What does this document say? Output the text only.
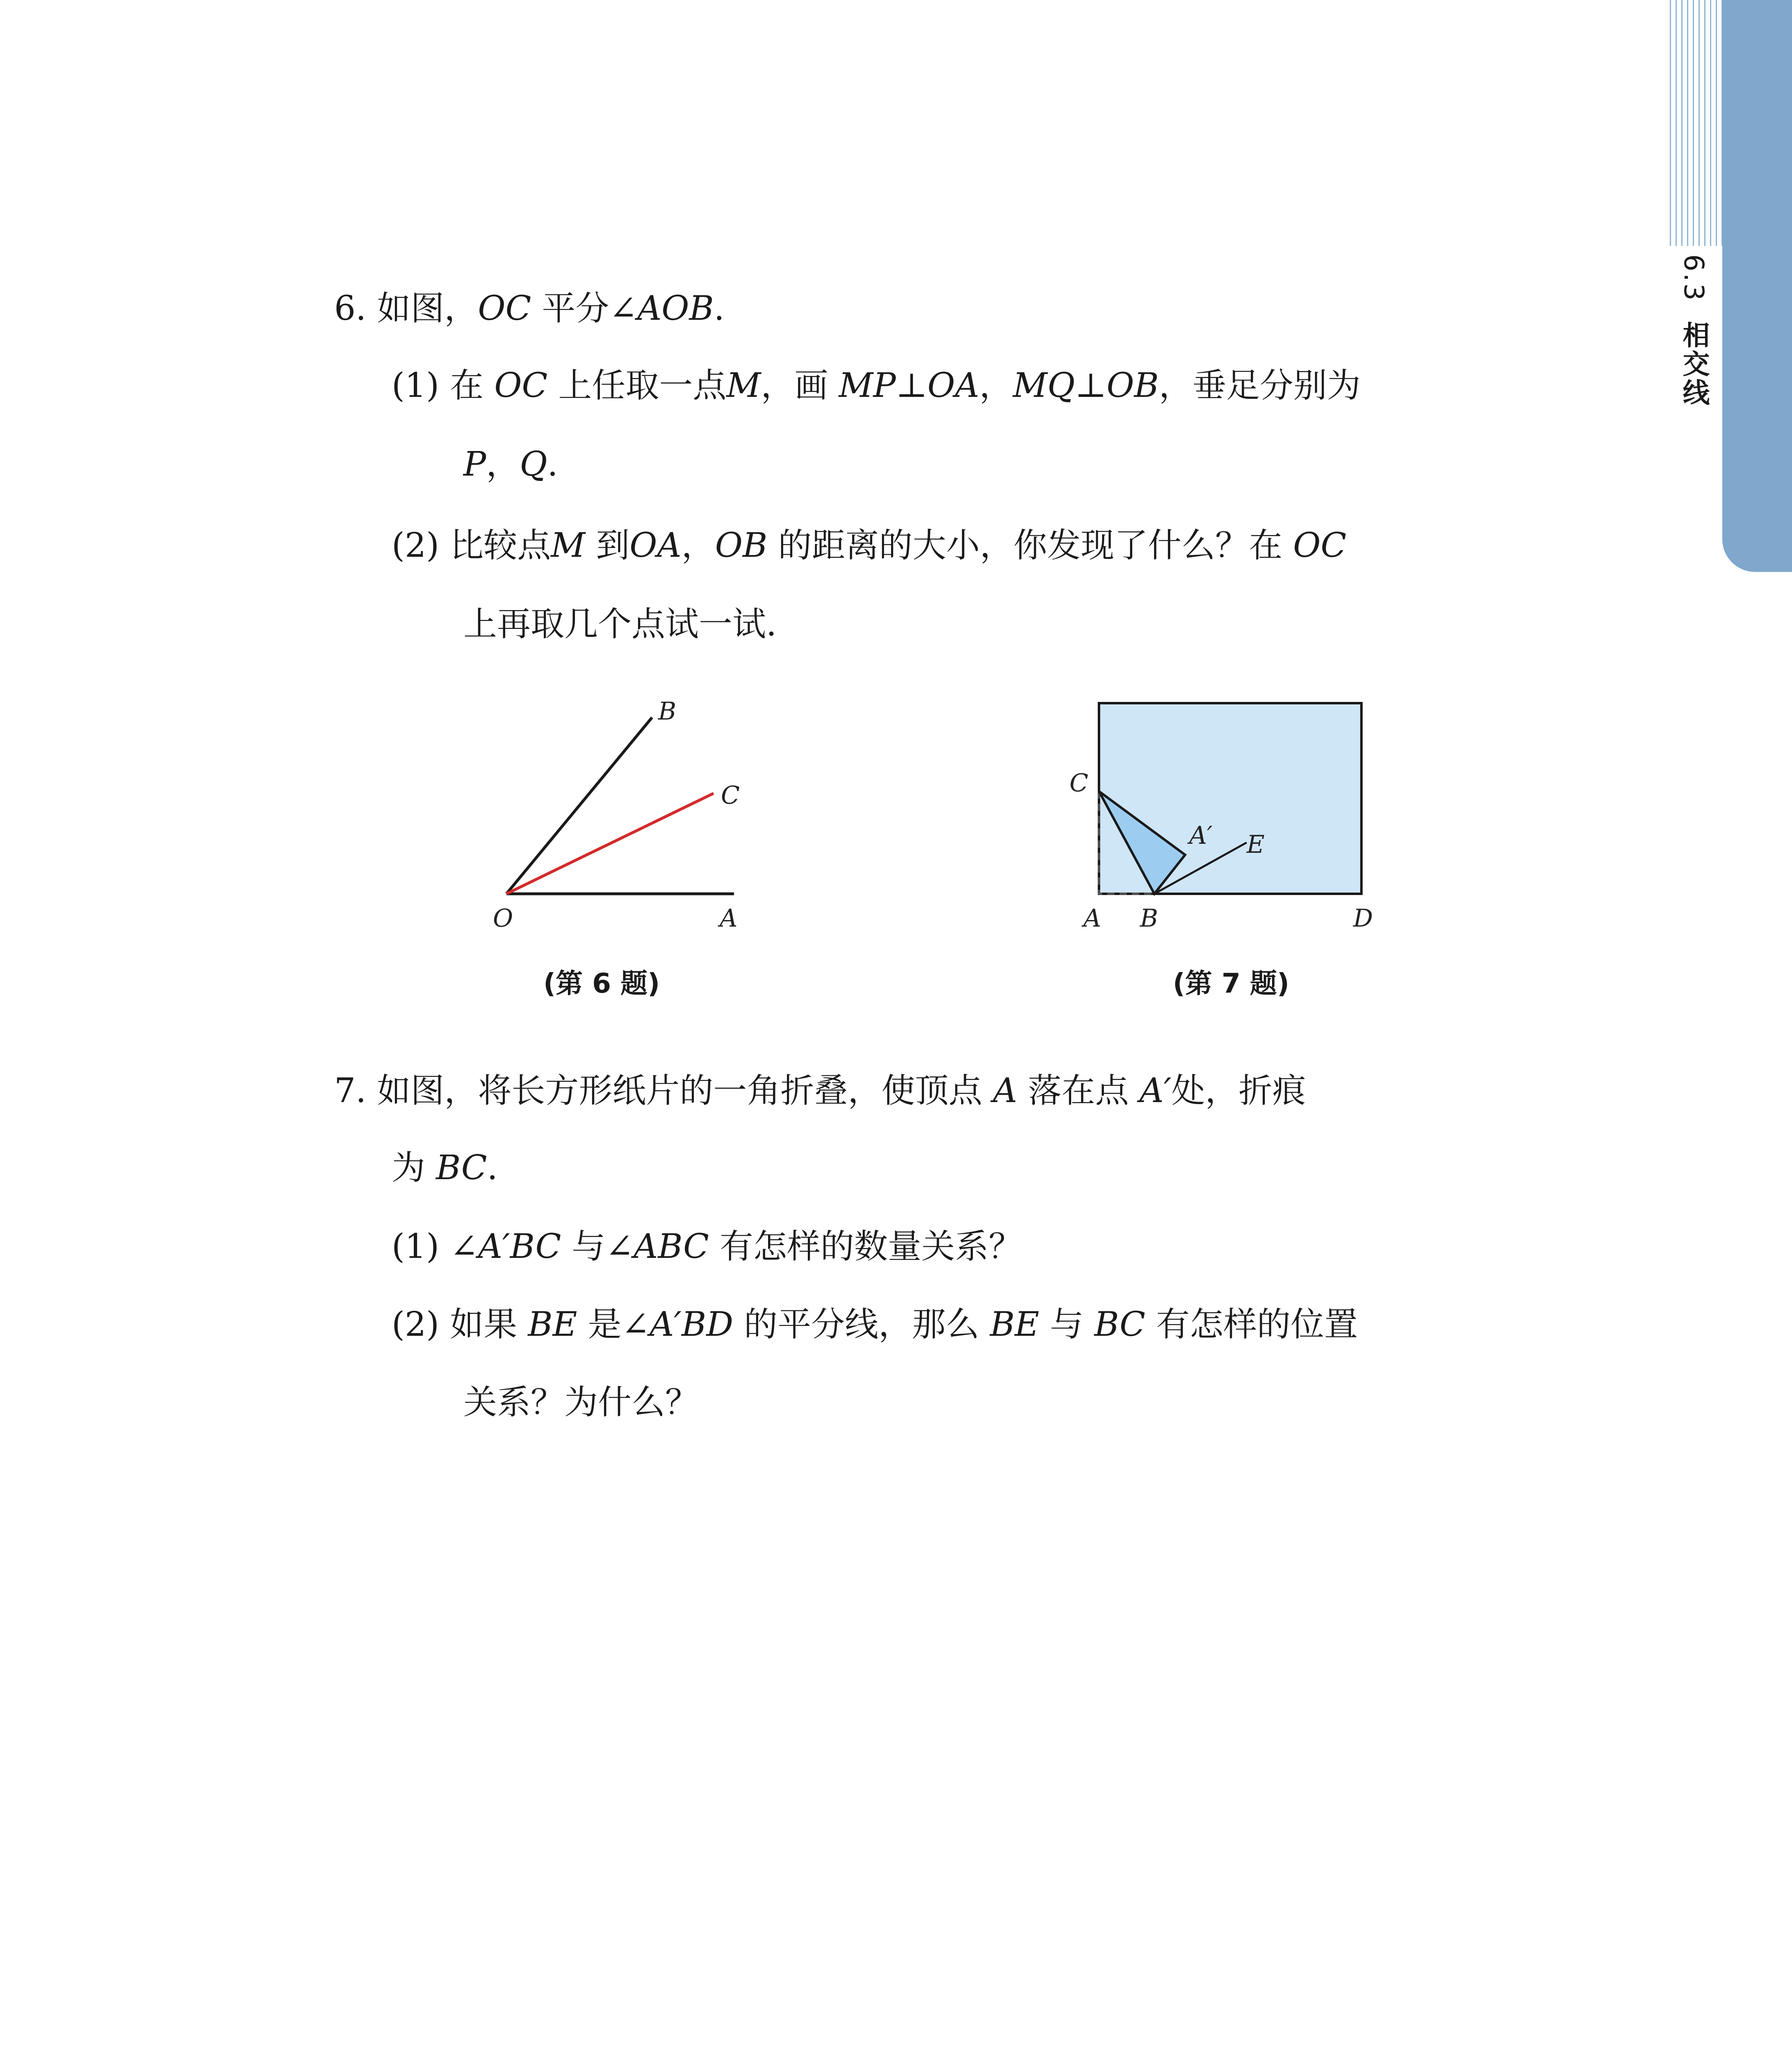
6.3相交线
6. 如图，OC 平分∠AOB.
(1) 在 OC 上任取一点M，画 MP⊥OA，MQ⊥OB，垂足分别为
P，Q.
(2) 比较点M 到OA，OB 的距离的大小，你发现了什么？在 OC
上再取几个点试一试.
B
C
O	A
(第 6 题)
C
A′ E
A B	D
(第 7 题)
7. 如图，将长方形纸片的一角折叠，使顶点 A 落在点 A′处，折痕
为 BC.
(1) ∠A′BC 与∠ABC 有怎样的数量关系？
(2) 如果 BE 是∠A′BD 的平分线，那么 BE 与 BC 有怎样的位置
关系？为什么？
